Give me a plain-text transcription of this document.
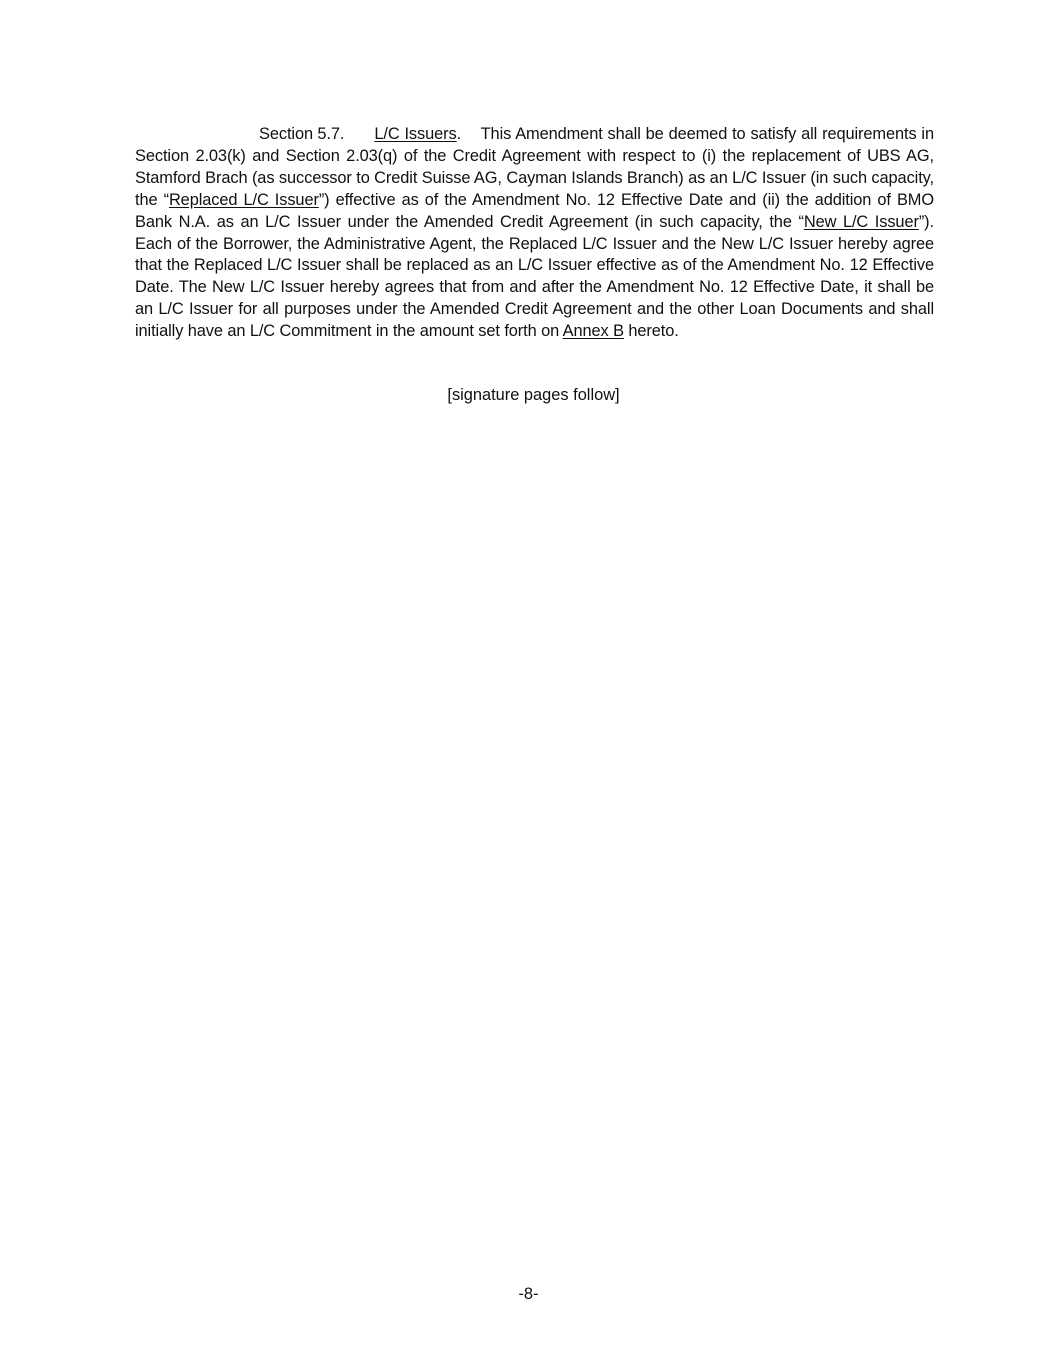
Section 5.7. L/C Issuers. This Amendment shall be deemed to satisfy all requirements in Section 2.03(k) and Section 2.03(q) of the Credit Agreement with respect to (i) the replacement of UBS AG, Stamford Brach (as successor to Credit Suisse AG, Cayman Islands Branch) as an L/C Issuer (in such capacity, the “Replaced L/C Issuer”) effective as of the Amendment No. 12 Effective Date and (ii) the addition of BMO Bank N.A. as an L/C Issuer under the Amended Credit Agreement (in such capacity, the “New L/C Issuer”). Each of the Borrower, the Administrative Agent, the Replaced L/C Issuer and the New L/C Issuer hereby agree that the Replaced L/C Issuer shall be replaced as an L/C Issuer effective as of the Amendment No. 12 Effective Date. The New L/C Issuer hereby agrees that from and after the Amendment No. 12 Effective Date, it shall be an L/C Issuer for all purposes under the Amended Credit Agreement and the other Loan Documents and shall initially have an L/C Commitment in the amount set forth on Annex B hereto.

[signature pages follow]
-8-
